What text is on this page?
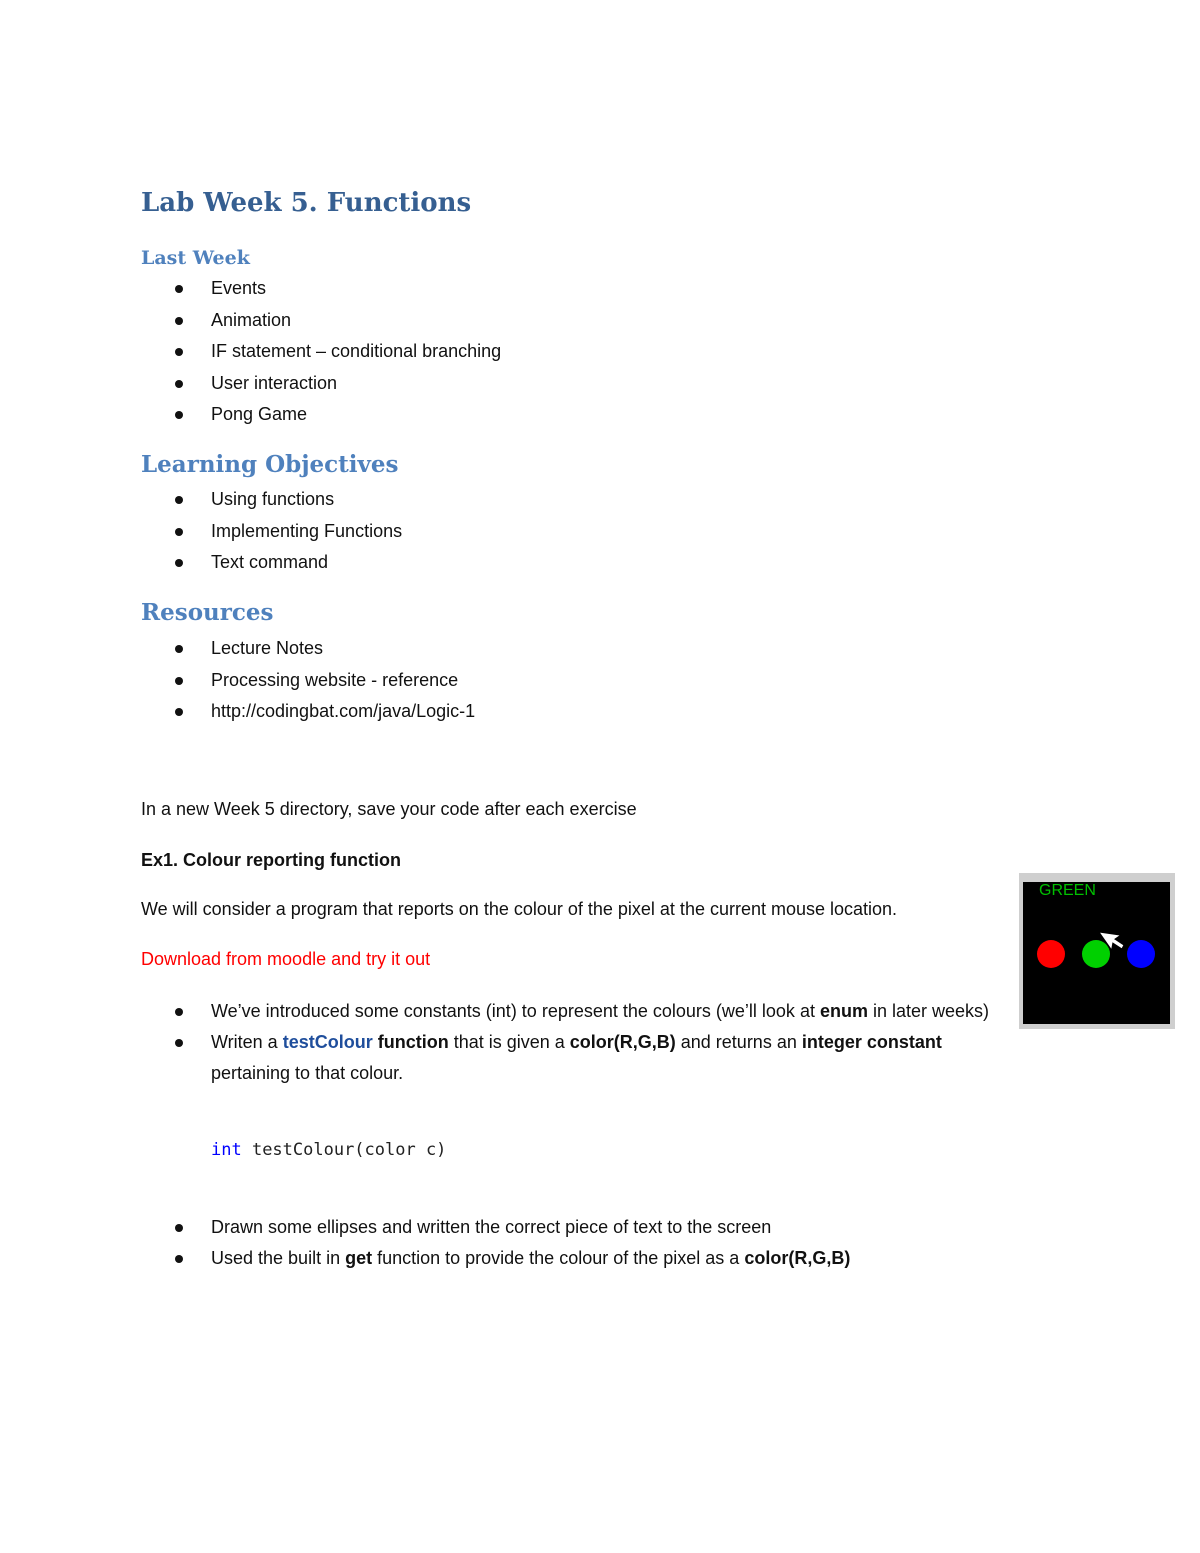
Lab Week 5. Functions
Last Week
Events
Animation
IF statement – conditional branching
User interaction
Pong Game
Learning Objectives
Using functions
Implementing Functions
Text command
Resources
Lecture Notes
Processing website - reference
http://codingbat.com/java/Logic-1

In a new Week 5 directory, save your code after each exercise

Ex1. Colour reporting function

We will consider a program that reports on the colour of the pixel at the current mouse location.

Download from moodle and try it out

We’ve introduced some constants (int) to represent the colours (we’ll look at enum in later weeks)
Writen a testColour function that is given a color(R,G,B) and returns an integer constant pertaining to that colour.

int testColour(color c)

Drawn some ellipses and written the correct piece of text to the screen
Used the built in get function to provide the colour of the pixel as a color(R,G,B)
GREEN
